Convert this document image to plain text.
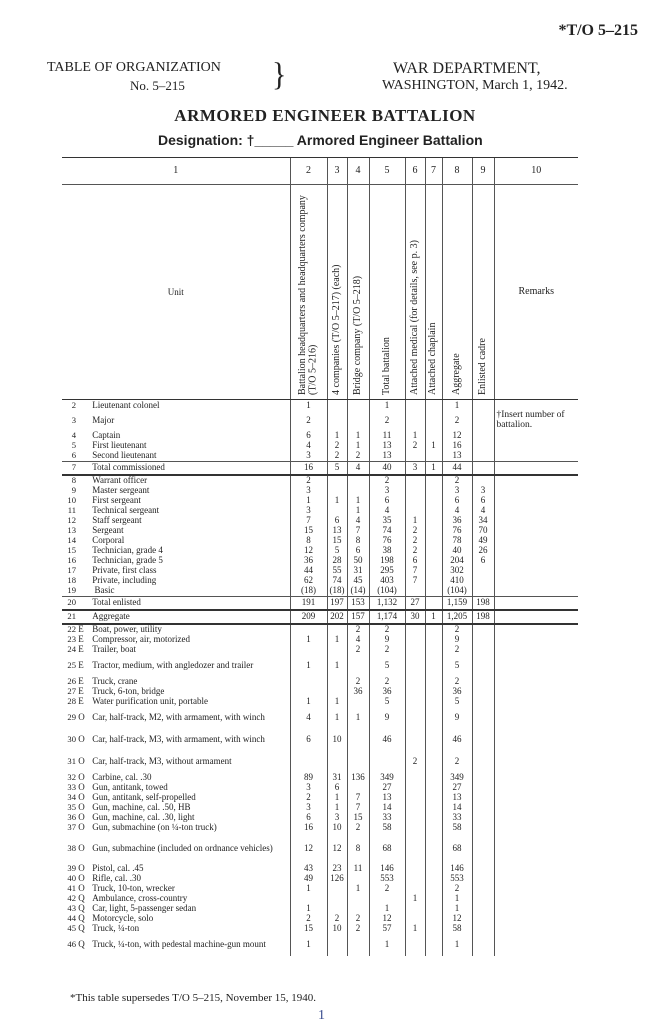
*T/O 5–215
TABLE OF ORGANIZATION
No. 5–215	}	WAR DEPARTMENT,
WASHINGTON, March 1, 1942.
ARMORED ENGINEER BATTALION
Designation: †_____ Armored Engineer Battalion
1	2	3	4	5	6	7	8	9	10
Unit	Battalion headquarters and headquarters company (T/O 5–216)	4 companies (T/O 5–217) (each)	Bridge company (T/O 5–218)	Total battalion	Attached medical (for details, see p. 3)	Attached chaplain	Aggregate	Enlisted cadre	Remarks
2 Lieutenant colonel	1			1			1		
3 Major	2			2			2		†Insert number of battalion.
4 Captain	6	1	1	11	1		12		
5 First lieutenant	4	2	1	13	2	1	16		
6 Second lieutenant	3	2	2	13			13		
7 Total commissioned	16	5	4	40	3	1	44		
8 Warrant officer	2			2			2		
9 Master sergeant	3			3			3	3	
10 First sergeant	1	1	1	6			6	6	
11 Technical sergeant	3		1	4			4	4	
12 Staff sergeant	7	6	4	35	1		36	34	
13 Sergeant	15	13	7	74	2		76	70	
14 Corporal	8	15	8	76	2		78	49	
15 Technician, grade 4	12	5	6	38	2		40	26	
16 Technician, grade 5	36	28	50	198	6		204	6	
17 Private, first class	44	55	31	295	7		302		
18 Private, including	62	74	45	403	7		410		
19  Basic	(18)	(18)	(14)	(104)			(104)		
20 Total enlisted	191	197	153	1,132	27		1,159	198	
21 Aggregate	209	202	157	1,174	30	1	1,205	198	
22 E Boat, power, utility			2	2			2		
23 E Compressor, air, motorized	1	1	4	9			9		
24 E Trailer, boat			2	2			2		
25 E Tractor, medium, with angledozer and trailer	1	1		5			5		
26 E Truck, crane			2	2			2		
27 E Truck, 6-ton, bridge			36	36			36		
28 E Water purification unit, portable	1	1		5			5		
29 O Car, half-track, M2, with armament, with winch	4	1	1	9			9		
30 O Car, half-track, M3, with armament, with winch	6	10		46			46		
31 O Car, half-track, M3, without armament					2		2		
32 O Carbine, cal. .30	89	31	136	349			349		
33 O Gun, antitank, towed	3	6		27			27		
34 O Gun, antitank, self-propelled	2	1	7	13			13		
35 O Gun, machine, cal. .50, HB	3	1	7	14			14		
36 O Gun, machine, cal. .30, light	6	3	15	33			33		
37 O Gun, submachine (on ¼-ton truck)	16	10	2	58			58		
38 O Gun, submachine (included on ordnance vehicles)	12	12	8	68			68		
39 O Pistol, cal. .45	43	23	11	146			146		
40 O Rifle, cal. .30	49	126		553			553		
41 O Truck, 10-ton, wrecker	1		1	2			2		
42 Q Ambulance, cross-country					1		1		
43 Q Car, light, 5-passenger sedan	1			1			1		
44 Q Motorcycle, solo	2	2	2	12			12		
45 Q Truck, ¼-ton	15	10	2	57	1		58		
46 Q Truck, ¼-ton, with pedestal machine-gun mount	1			1			1		
*This table supersedes T/O 5–215, November 15, 1940.
1
